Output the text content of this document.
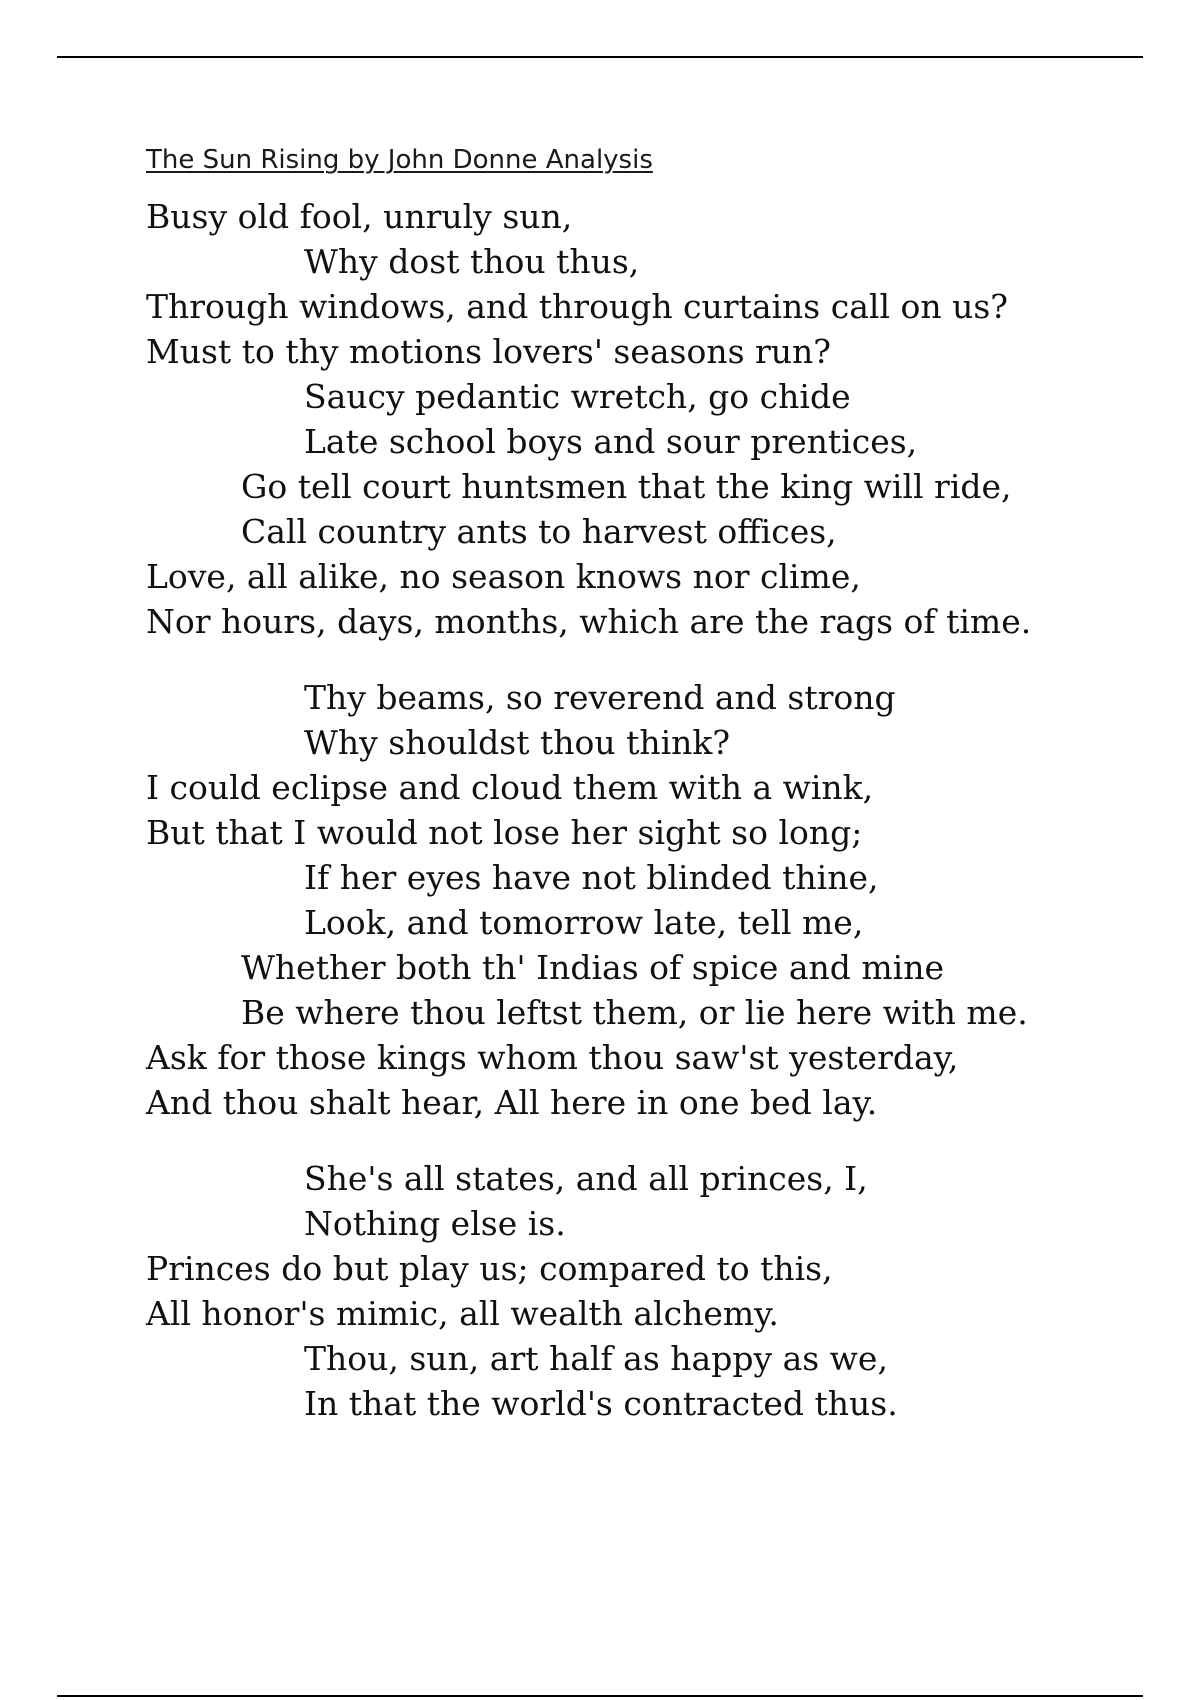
The Sun Rising by John Donne Analysis
Busy old fool, unruly sun,
Why dost thou thus,
Through windows, and through curtains call on us?
Must to thy motions lovers' seasons run?
Saucy pedantic wretch, go chide
Late school boys and sour prentices,
Go tell court huntsmen that the king will ride,
Call country ants to harvest offices,
Love, all alike, no season knows nor clime,
Nor hours, days, months, which are the rags of time.
Thy beams, so reverend and strong
Why shouldst thou think?
I could eclipse and cloud them with a wink,
But that I would not lose her sight so long;
If her eyes have not blinded thine,
Look, and tomorrow late, tell me,
Whether both th' Indias of spice and mine
Be where thou leftst them, or lie here with me.
Ask for those kings whom thou saw'st yesterday,
And thou shalt hear, All here in one bed lay.
She's all states, and all princes, I,
Nothing else is.
Princes do but play us; compared to this,
All honor's mimic, all wealth alchemy.
Thou, sun, art half as happy as we,
In that the world's contracted thus.
